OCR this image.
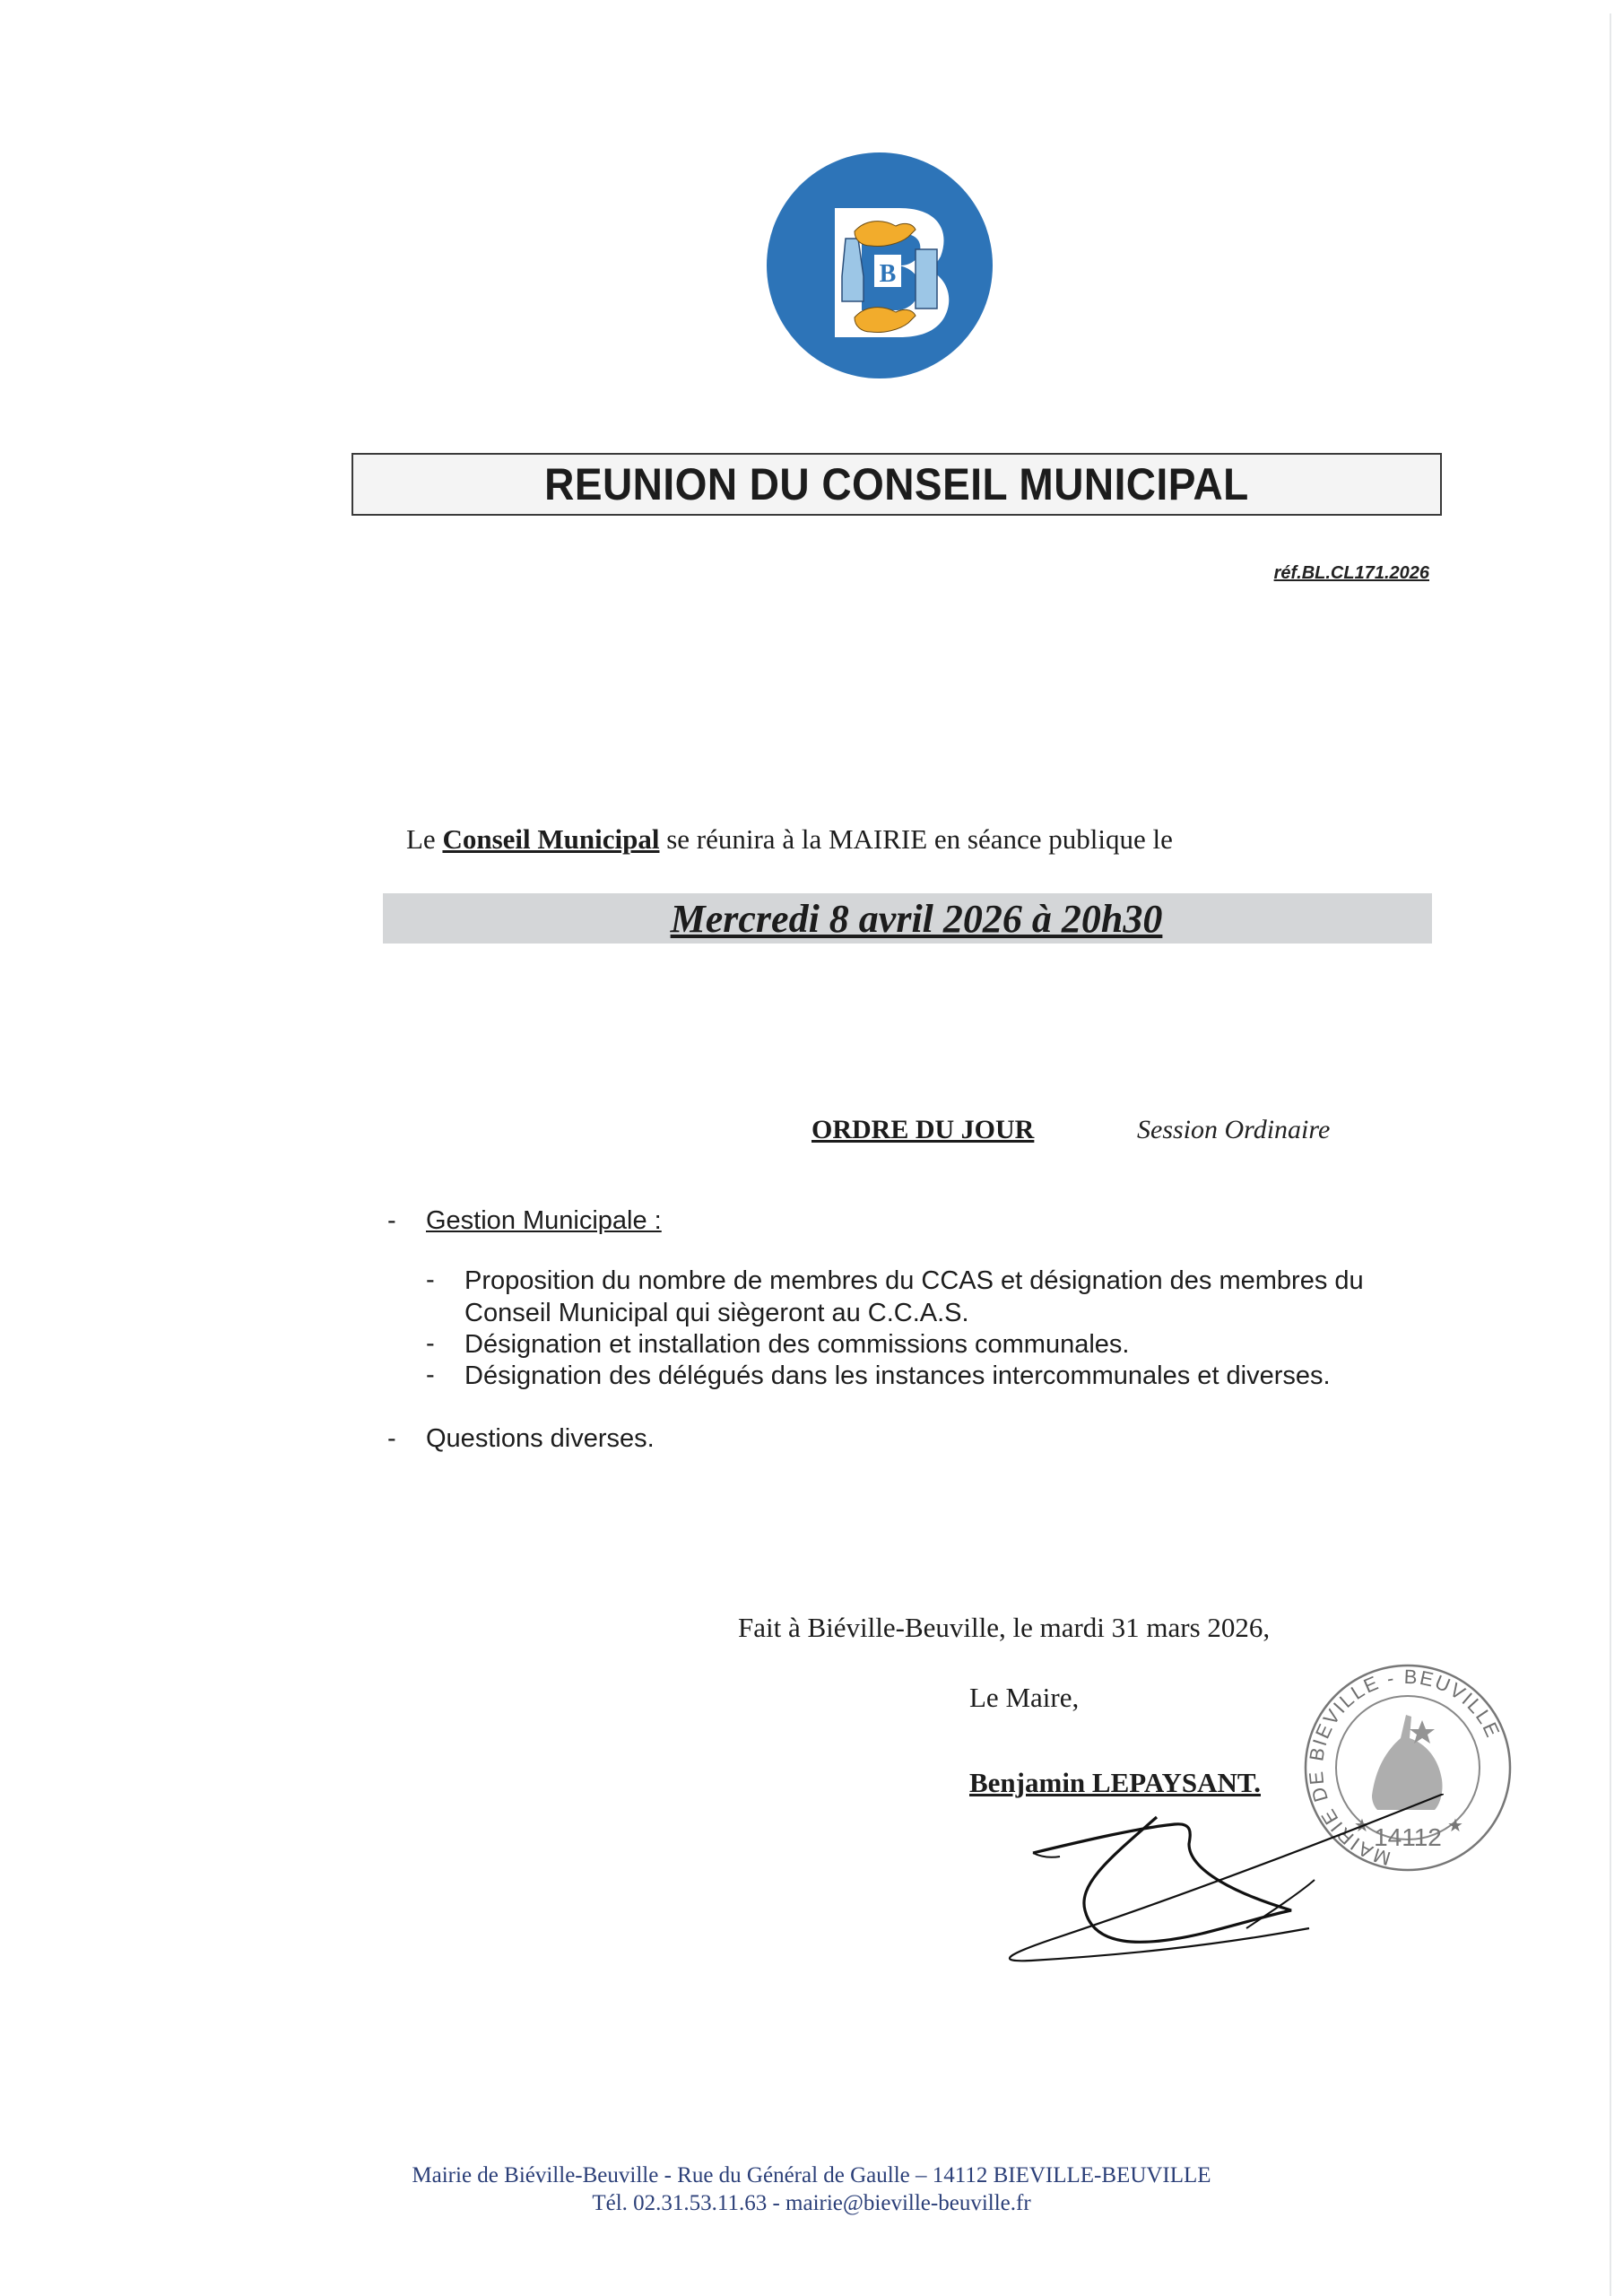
B
REUNION DU CONSEIL MUNICIPAL
réf.BL.CL171.2026
Le Conseil Municipal se réunira à la MAIRIE en séance publique le
Mercredi 8 avril 2026 à 20h30
ORDRE DU JOUR	Session Ordinaire
- Gestion Municipale :
- Proposition du nombre de membres du CCAS et désignation des membres du Conseil Municipal qui siègeront au C.C.A.S.
- Désignation et installation des commissions communales.
- Désignation des délégués dans les instances intercommunales et diverses.
- Questions diverses.
Fait à Biéville-Beuville, le mardi 31 mars 2026,
Le Maire,
Benjamin LEPAYSANT.
MAIRIE DE BIEVILLE - BEUVILLE
14112
★	★
Mairie de Biéville-Beuville - Rue du Général de Gaulle – 14112 BIEVILLE-BEUVILLE
Tél. 02.31.53.11.63 - mairie@bieville-beuville.fr
